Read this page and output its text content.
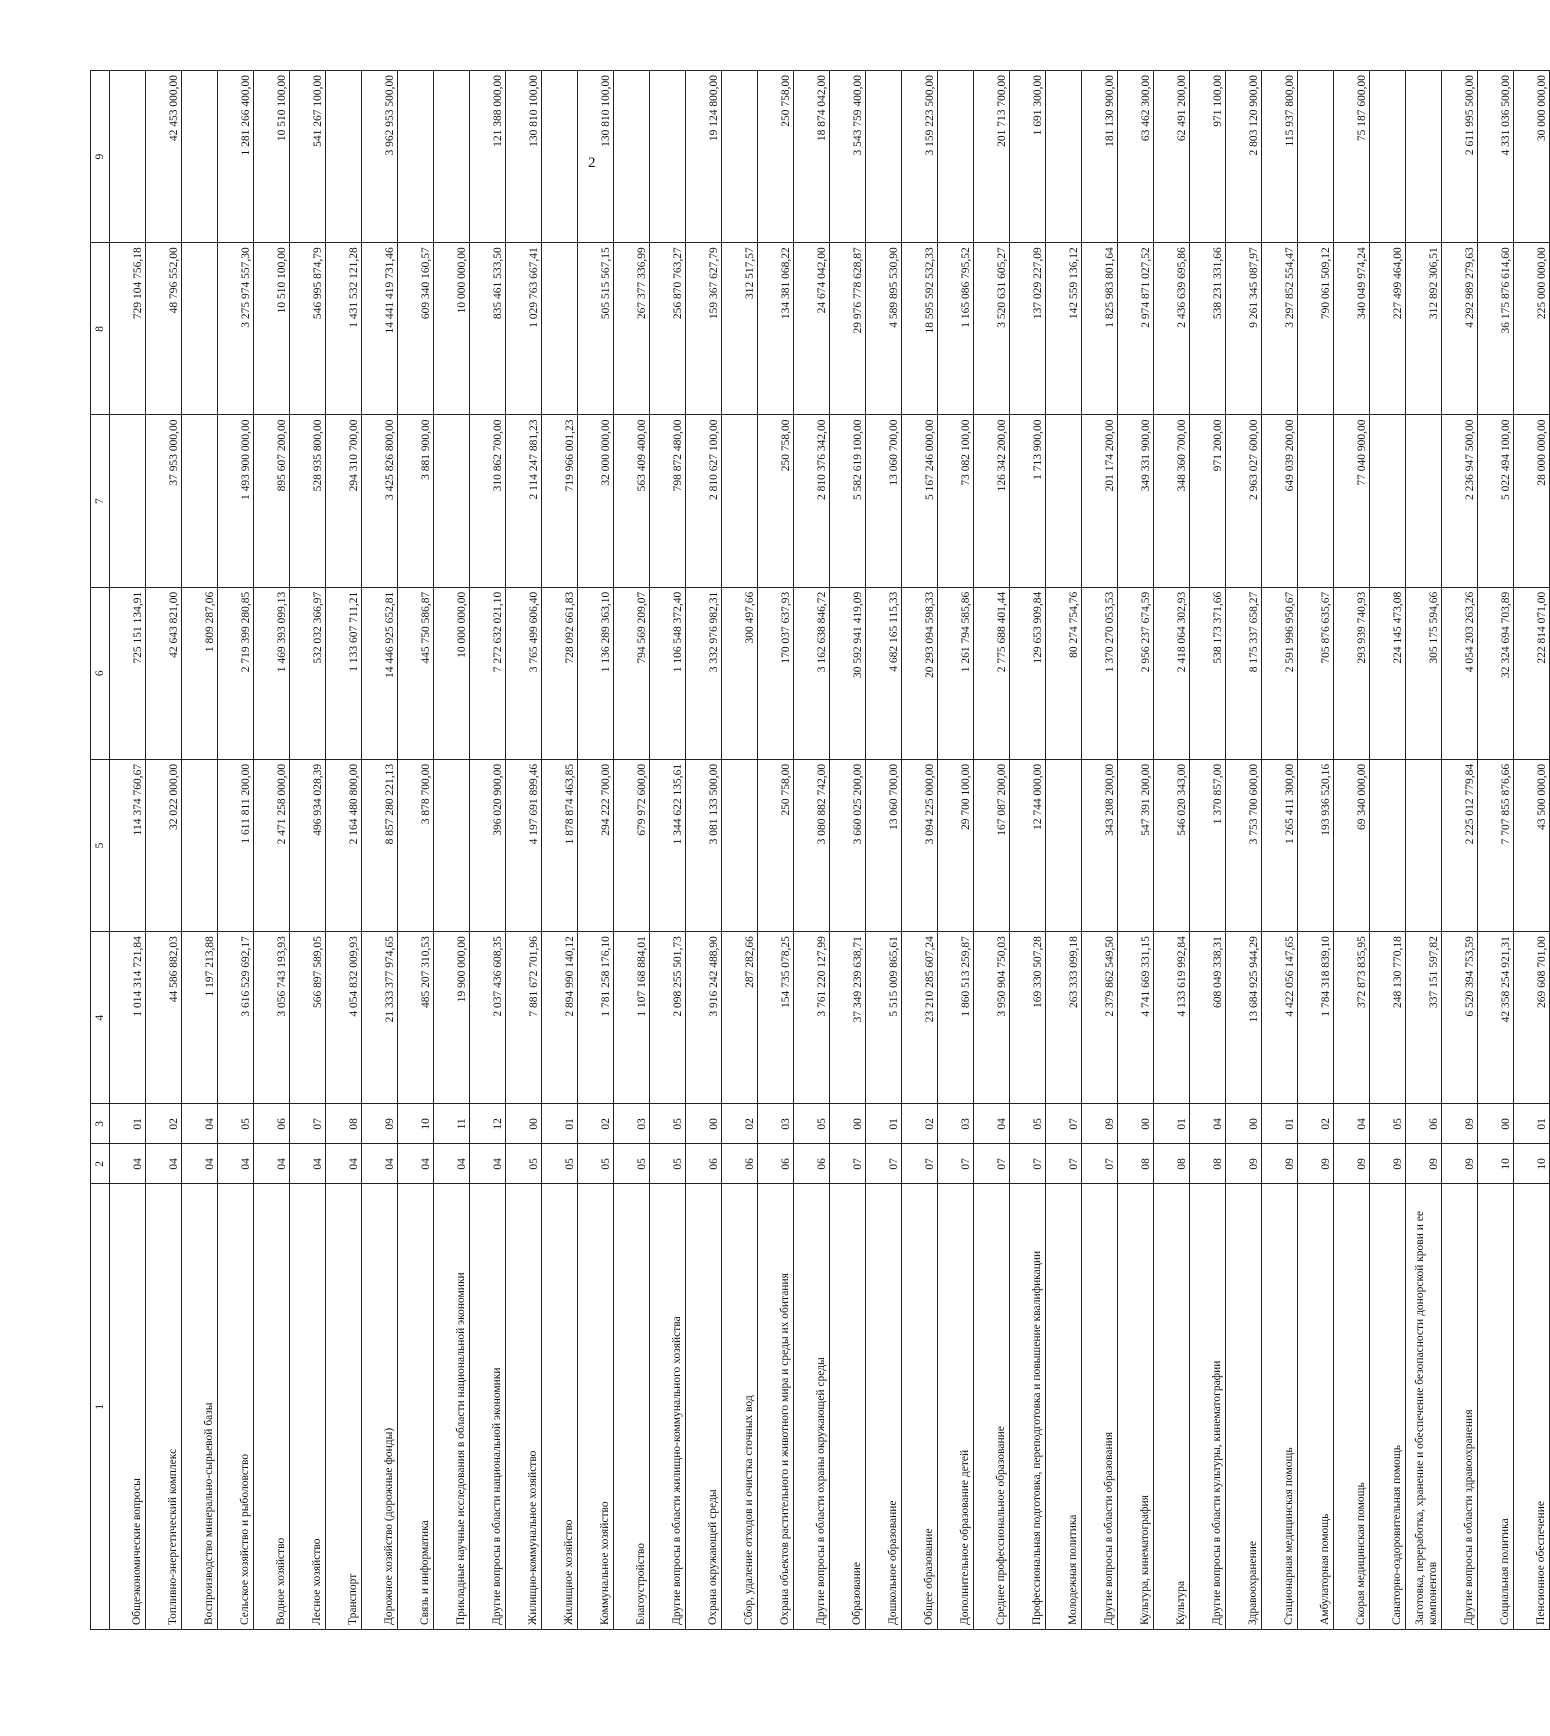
2
1	2	3	4	5	6	7	8	9
Общеэкономические вопросы	04	01	1 014 314 721,84	114 374 760,67	725 151 134,91		729 104 756,18	
Топливно-энергетический комплекс	04	02	44 586 882,03	32 022 000,00	42 643 821,00	37 953 000,00	48 796 552,00	42 453 000,00
Воспроизводство минерально-сырьевой базы	04	04	1 197 213,88		1 809 287,06			
Сельское хозяйство и рыболовство	04	05	3 616 529 692,17	1 611 811 200,00	2 719 399 280,85	1 493 900 000,00	3 275 974 557,30	1 281 266 400,00
Водное хозяйство	04	06	3 056 743 193,93	2 471 258 000,00	1 469 393 099,13	895 607 200,00	10 510 100,00	10 510 100,00
Лесное хозяйство	04	07	566 897 589,05	496 934 028,39	532 032 366,97	528 935 800,00	546 995 874,79	541 267 100,00
Транспорт	04	08	4 054 832 009,93	2 164 480 800,00	1 133 607 711,21	294 310 700,00	1 431 532 121,28	
Дорожное хозяйство (дорожные фонды)	04	09	21 333 377 974,65	8 857 280 221,13	14 446 925 652,81	3 425 826 800,00	14 441 419 731,46	3 962 953 500,00
Связь и информатика	04	10	485 207 310,53	3 878 700,00	445 750 586,87	3 881 900,00	609 340 160,57	
Прикладные научные исследования в области национальной экономики	04	11	19 900 000,00		10 000 000,00		10 000 000,00	
Другие вопросы в области национальной экономики	04	12	2 037 436 608,35	396 020 900,00	7 272 632 021,10	310 862 700,00	835 461 533,50	121 388 000,00
Жилищно-коммунальное хозяйство	05	00	7 881 672 701,96	4 197 691 899,46	3 765 499 606,40	2 114 247 881,23	1 029 763 667,41	130 810 100,00
Жилищное хозяйство	05	01	2 894 990 140,12	1 878 874 463,85	728 092 661,83	719 966 001,23		
Коммунальное хозяйство	05	02	1 781 258 176,10	294 222 700,00	1 136 289 363,10	32 000 000,00	505 515 567,15	130 810 100,00
Благоустройство	05	03	1 107 168 884,01	679 972 600,00	794 569 209,07	563 409 400,00	267 377 336,99	
Другие вопросы в области жилищно-коммунального хозяйства	05	05	2 098 255 501,73	1 344 622 135,61	1 106 548 372,40	798 872 480,00	256 870 763,27	
Охрана окружающей среды	06	00	3 916 242 488,90	3 081 133 500,00	3 332 976 982,31	2 810 627 100,00	159 367 627,79	19 124 800,00
Сбор, удаление отходов и очистка сточных вод	06	02	287 282,66		300 497,66		312 517,57	
Охрана объектов растительного и животного мира и среды их обитания	06	03	154 735 078,25	250 758,00	170 037 637,93	250 758,00	134 381 068,22	250 758,00
Другие вопросы в области охраны окружающей среды	06	05	3 761 220 127,99	3 080 882 742,00	3 162 638 846,72	2 810 376 342,00	24 674 042,00	18 874 042,00
Образование	07	00	37 349 239 638,71	3 660 025 200,00	30 592 941 419,09	5 582 619 100,00	29 976 778 628,87	3 543 759 400,00
Дошкольное образование	07	01	5 515 009 865,61	13 060 700,00	4 682 165 115,33	13 060 700,00	4 589 895 530,90	
Общее образование	07	02	23 210 285 607,24	3 094 225 000,00	20 293 094 598,33	5 167 246 000,00	18 595 592 532,33	3 159 223 500,00
Дополнительное образование детей	07	03	1 860 513 259,87	29 700 100,00	1 261 794 585,86	73 082 100,00	1 165 086 795,52	
Среднее профессиональное образование	07	04	3 950 904 750,03	167 087 200,00	2 775 688 401,44	126 342 200,00	3 520 631 605,27	201 713 700,00
Профессиональная подготовка, переподготовка и повышение квалификации	07	05	169 330 507,28	12 744 000,00	129 653 909,84	1 713 900,00	137 029 227,09	1 691 300,00
Молодежная политика	07	07	263 333 099,18		80 274 754,76		142 559 136,12	
Другие вопросы в области образования	07	09	2 379 862 549,50	343 208 200,00	1 370 270 053,53	201 174 200,00	1 825 983 801,64	181 130 900,00
Культура, кинематография	08	00	4 741 669 331,15	547 391 200,00	2 956 237 674,59	349 331 900,00	2 974 871 027,52	63 462 300,00
Культура	08	01	4 133 619 992,84	546 020 343,00	2 418 064 302,93	348 360 700,00	2 436 639 695,86	62 491 200,00
Другие вопросы в области культуры, кинематографии	08	04	608 049 338,31	1 370 857,00	538 173 371,66	971 200,00	538 231 331,66	971 100,00
Здравоохранение	09	00	13 684 925 944,29	3 753 700 600,00	8 175 337 658,27	2 963 027 600,00	9 261 345 087,97	2 803 120 900,00
Стационарная медицинская помощь	09	01	4 422 056 147,65	1 265 411 300,00	2 591 996 950,67	649 039 200,00	3 297 852 554,47	115 937 800,00
Амбулаторная помощь	09	02	1 784 318 839,10	193 936 520,16	705 876 635,67		790 061 509,12	
Скорая медицинская помощь	09	04	372 873 835,95	69 340 000,00	293 939 740,93	77 040 900,00	340 049 974,24	75 187 600,00
Санаторно-оздоровительная помощь	09	05	248 130 770,18		224 145 473,08		227 499 464,00	
Заготовка, переработка, хранение и обеспечение безопасности донорской крови и ее компонентов	09	06	337 151 597,82		305 175 594,66		312 892 306,51	
Другие вопросы в области здравоохранения	09	09	6 520 394 753,59	2 225 012 779,84	4 054 203 263,26	2 236 947 500,00	4 292 989 279,63	2 611 995 500,00
Социальная политика	10	00	42 358 254 921,31	7 707 855 876,66	32 324 694 703,89	5 022 494 100,00	36 175 876 614,60	4 331 036 500,00
Пенсионное обеспечение	10	01	269 608 701,00	43 500 000,00	222 814 071,00	28 000 000,00	225 000 000,00	30 000 000,00
